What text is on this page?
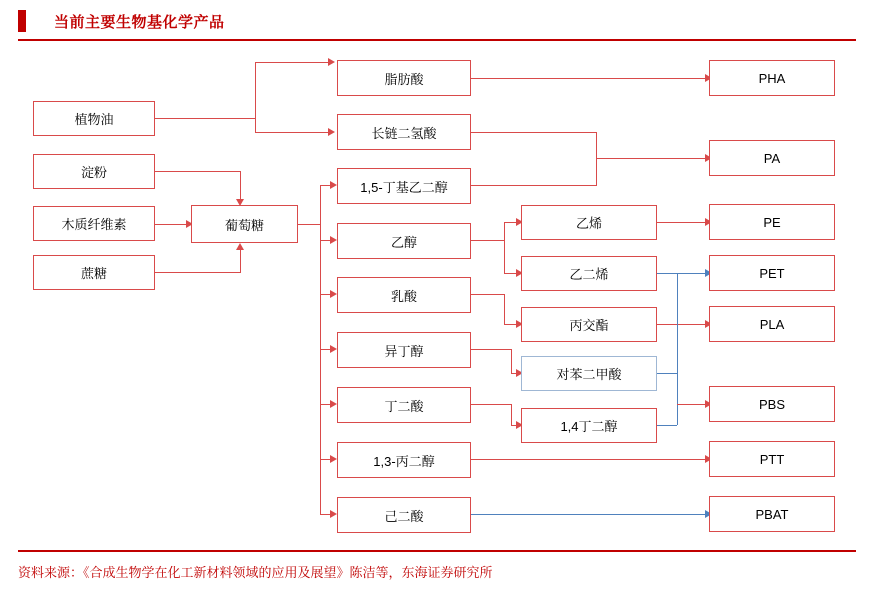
当前主要生物基化学产品
植物油
淀粉
木质纤维素
蔗糖
葡萄糖
脂肪酸
长链二氢酸
1,5-丁基乙二醇
乙醇
乳酸
异丁醇
丁二酸
1,3-丙二醇
己二酸
乙烯
乙二烯
丙交酯
对苯二甲酸
1,4丁二醇
PHA
PA
PE
PET
PLA
PBS
PTT
PBAT
资料来源：《合成生物学在化工新材料领域的应用及展望》陈洁等，东海证券研究所
